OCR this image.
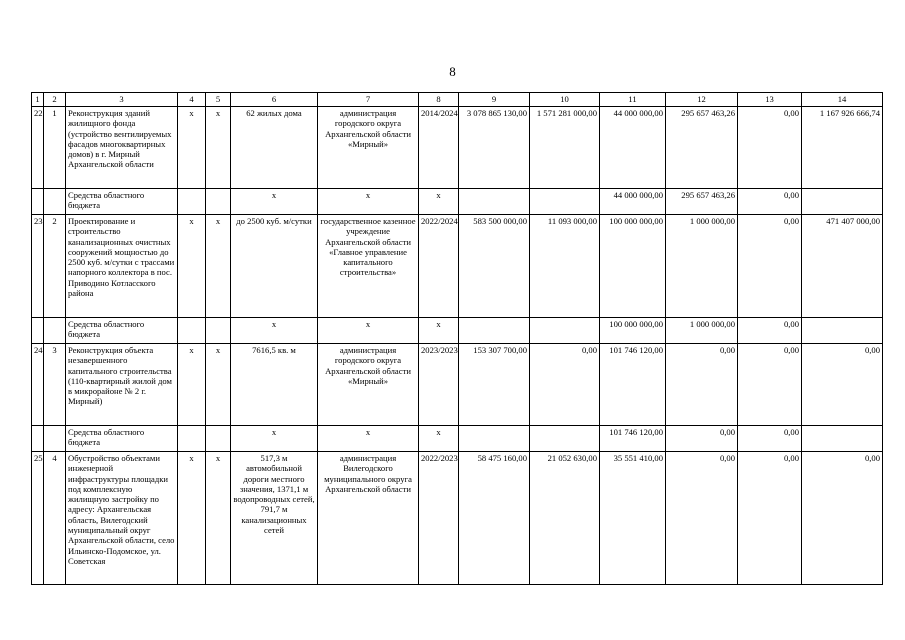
8
1	2	3	4	5	6	7	8	9	10	11	12	13	14
22	1	Реконструкция зданий жилищного фонда (устройство вентилируемых фасадов многоквартирных домов) в г. Мирный Архангельской области	х	х	62 жилых дома	администрация городского округа Архангельской области «Мирный»	2014/2024	3 078 865 130,00	1 571 281 000,00	44 000 000,00	295 657 463,26	0,00	1 167 926 666,74
		Средства областного бюджета			х	х	х			44 000 000,00	295 657 463,26	0,00	
23	2	Проектирование и строительство канализационных очистных сооружений мощностью до 2500 куб. м/сутки с трассами напорного коллектора в пос. Приводино Котласского района	х	х	до 2500 куб. м/сутки	государственное казенное учреждение Архангельской области «Главное управление капитального строительства»	2022/2024	583 500 000,00	11 093 000,00	100 000 000,00	1 000 000,00	0,00	471 407 000,00
		Средства областного бюджета			х	х	х			100 000 000,00	1 000 000,00	0,00	
24	3	Реконструкция объекта незавершенного капитального строительства (110-квартирный жилой дом в микрорайоне № 2 г. Мирный)	х	х	7616,5 кв. м	администрация городского округа Архангельской области «Мирный»	2023/2023	153 307 700,00	0,00	101 746 120,00	0,00	0,00	0,00
		Средства областного бюджета			х	х	х			101 746 120,00	0,00	0,00	
25	4	Обустройство объектами инженерной инфраструктуры площадки под комплексную жилищную застройку по адресу: Архангельская область, Вилегодский муниципальный округ Архангельской области, село Ильинско-Подомское, ул. Советская	х	х	517,3 м автомобильной дороги местного значения, 1371,1 м водопроводных сетей, 791,7 м канализационных сетей	администрация Вилегодского муниципального округа Архангельской области	2022/2023	58 475 160,00	21 052 630,00	35 551 410,00	0,00	0,00	0,00
